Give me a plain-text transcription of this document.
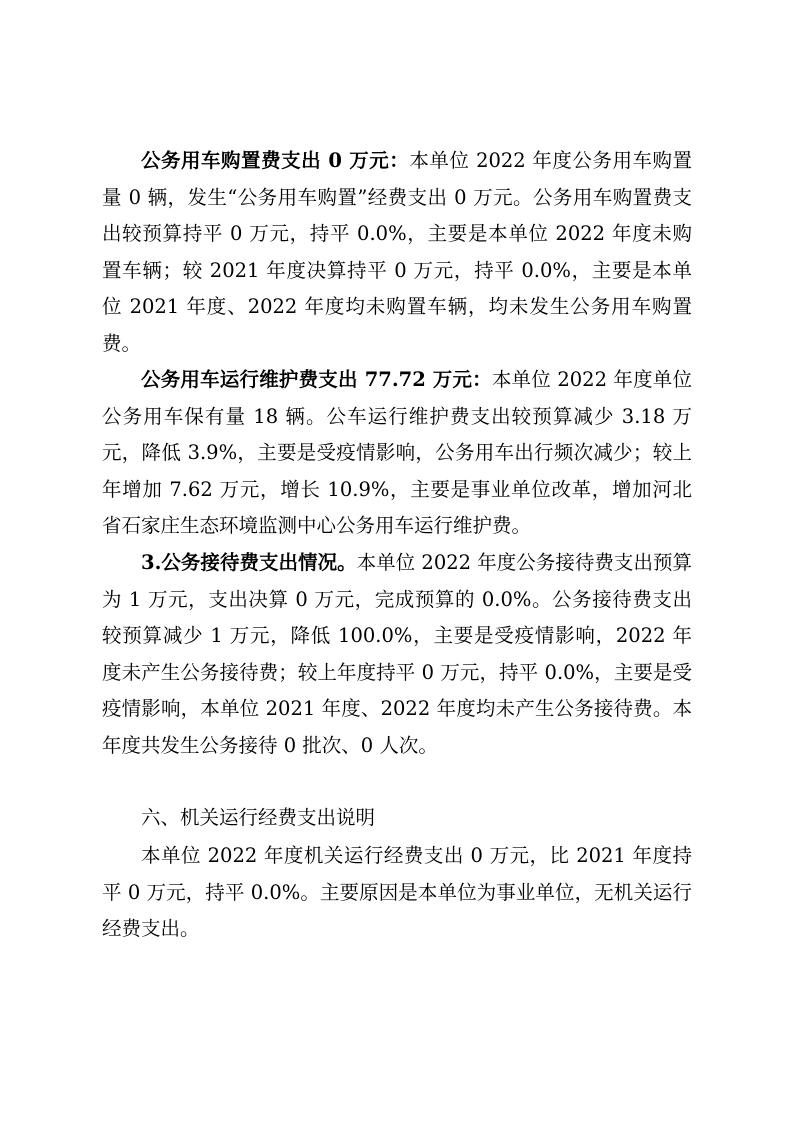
公务用车购置费支出 0 万元：本单位 2022 年度公务用车购置量 0 辆，发生“公务用车购置”经费支出 0 万元。公务用车购置费支出较预算持平 0 万元，持平 0.0%，主要是本单位 2022 年度未购置车辆；较 2021 年度决算持平 0 万元，持平 0.0%，主要是本单位 2021 年度、2022 年度均未购置车辆，均未发生公务用车购置费。

公务用车运行维护费支出 77.72 万元：本单位 2022 年度单位公务用车保有量 18 辆。公车运行维护费支出较预算减少 3.18 万元，降低 3.9%，主要是受疫情影响，公务用车出行频次减少；较上年增加 7.62 万元，增长 10.9%，主要是事业单位改革，增加河北省石家庄生态环境监测中心公务用车运行维护费。

3.公务接待费支出情况。本单位 2022 年度公务接待费支出预算为 1 万元，支出决算 0 万元，完成预算的 0.0%。公务接待费支出较预算减少 1 万元，降低 100.0%，主要是受疫情影响，2022 年度未产生公务接待费；较上年度持平 0 万元，持平 0.0%，主要是受疫情影响，本单位 2021 年度、2022 年度均未产生公务接待费。本年度共发生公务接待 0 批次、0 人次。

六、机关运行经费支出说明

本单位 2022 年度机关运行经费支出 0 万元，比 2021 年度持平 0 万元，持平 0.0%。主要原因是本单位为事业单位，无机关运行经费支出。
